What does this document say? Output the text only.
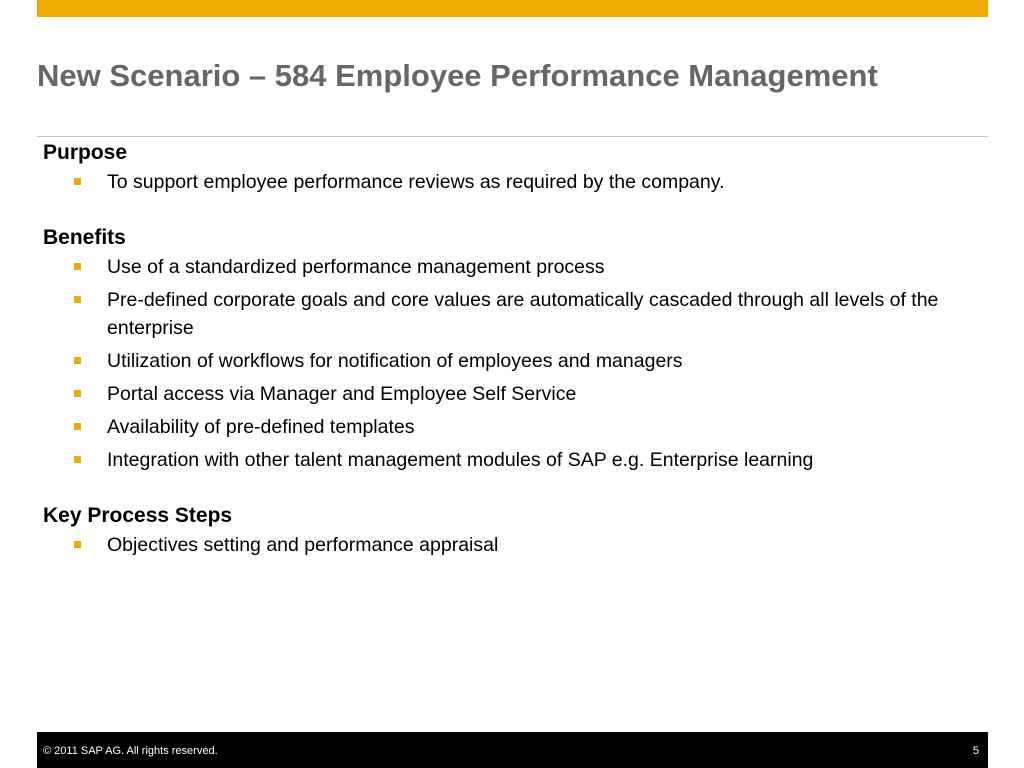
New Scenario – 584 Employee Performance Management
Purpose
To support employee performance reviews as required by the company.
Benefits
Use of a standardized performance management process
Pre-defined corporate goals and core values are automatically cascaded through all levels of the enterprise
Utilization of workflows for notification of employees and managers
Portal access via Manager and Employee Self Service
Availability of pre-defined templates
Integration with other talent management modules of SAP e.g. Enterprise learning
Key Process Steps
Objectives setting and performance appraisal
© 2011 SAP AG. All rights reserved.	5
